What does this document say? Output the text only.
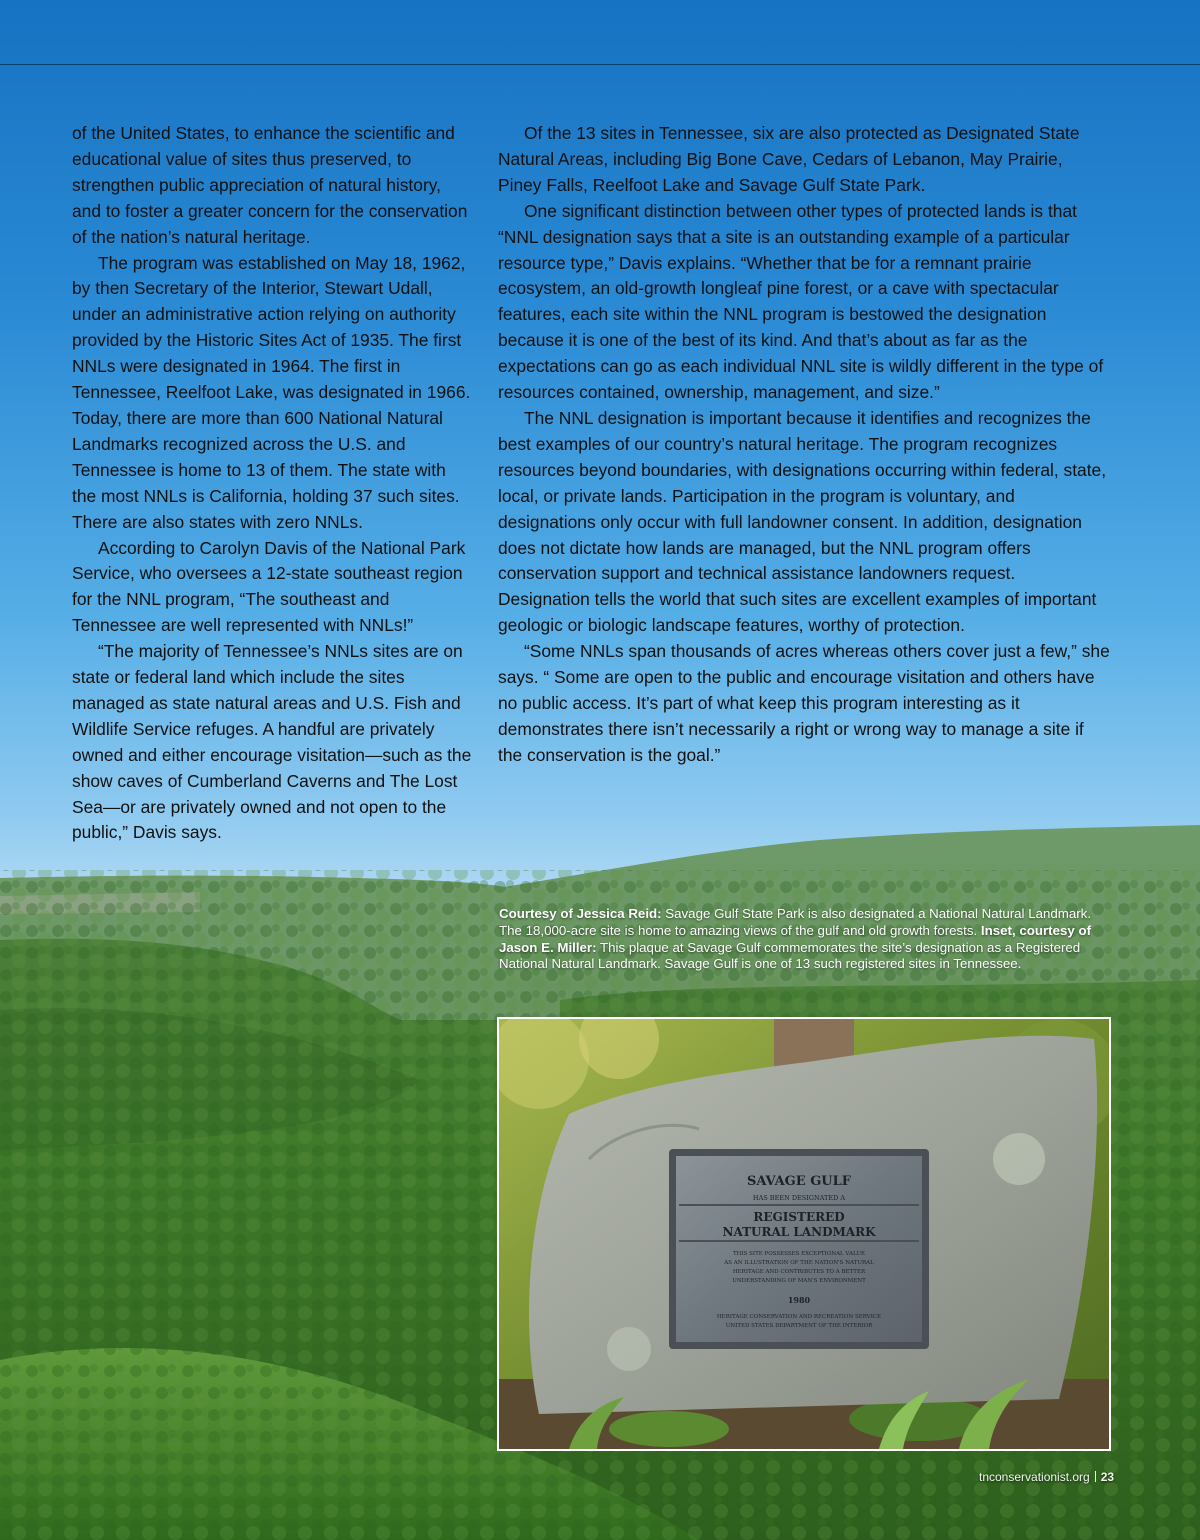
of the United States, to enhance the scientific and educational value of sites thus preserved, to strengthen public appreciation of natural history, and to foster a greater concern for the conservation of the nation’s natural heritage.

The program was established on May 18, 1962, by then Secretary of the Interior, Stewart Udall, under an administrative action relying on authority provided by the Historic Sites Act of 1935. The first NNLs were designated in 1964. The first in Tennessee, Reelfoot Lake, was designated in 1966. Today, there are more than 600 National Natural Landmarks recognized across the U.S. and Tennessee is home to 13 of them. The state with the most NNLs is California, holding 37 such sites. There are also states with zero NNLs.

According to Carolyn Davis of the National Park Service, who oversees a 12-state southeast region for the NNL program, “The southeast and Tennessee are well represented with NNLs!”

“The majority of Tennessee’s NNLs sites are on state or federal land which include the sites managed as state natural areas and U.S. Fish and Wildlife Service refuges. A handful are privately owned and either encourage visitation—such as the show caves of Cumberland Caverns and The Lost Sea—or are privately owned and not open to the public,” Davis says.

Of the 13 sites in Tennessee, six are also protected as Designated State Natural Areas, including Big Bone Cave, Cedars of Lebanon, May Prairie, Piney Falls, Reelfoot Lake and Savage Gulf State Park.

One significant distinction between other types of protected lands is that “NNL designation says that a site is an outstanding example of a particular resource type,” Davis explains. “Whether that be for a remnant prairie ecosystem, an old-growth longleaf pine forest, or a cave with spectacular features, each site within the NNL program is bestowed the designation because it is one of the best of its kind. And that’s about as far as the expectations can go as each individual NNL site is wildly different in the type of resources contained, ownership, management, and size.”

The NNL designation is important because it identifies and recognizes the best examples of our country’s natural heritage. The program recognizes resources beyond boundaries, with designations occurring within federal, state, local, or private lands. Participation in the program is voluntary, and designations only occur with full landowner consent. In addition, designation does not dictate how lands are managed, but the NNL program offers conservation support and technical assistance landowners request. Designation tells the world that such sites are excellent examples of important geologic or biologic landscape features, worthy of protection.

“Some NNLs span thousands of acres whereas others cover just a few,” she says. “ Some are open to the public and encourage visitation and others have no public access. It’s part of what keep this program interesting as it demonstrates there isn’t necessarily a right or wrong way to manage a site if the conservation is the goal.”

Courtesy of Jessica Reid: Savage Gulf State Park is also designated a National Natural Landmark. The 18,000-acre site is home to amazing views of the gulf and old growth forests. Inset, courtesy of Jason E. Miller: This plaque at Savage Gulf commemorates the site’s designation as a Registered National Natural Landmark. Savage Gulf is one of 13 such registered sites in Tennessee.
SAVAGE GULF
HAS BEEN DESIGNATED A
REGISTERED
NATURAL LANDMARK
THIS SITE POSSESSES EXCEPTIONAL VALUE
AS AN ILLUSTRATION OF THE NATION'S NATURAL
HERITAGE AND CONTRIBUTES TO A BETTER
UNDERSTANDING OF MAN'S ENVIRONMENT
1980
HERITAGE CONSERVATION AND RECREATION SERVICE
UNITED STATES DEPARTMENT OF THE INTERIOR
tnconservationist.org 23
